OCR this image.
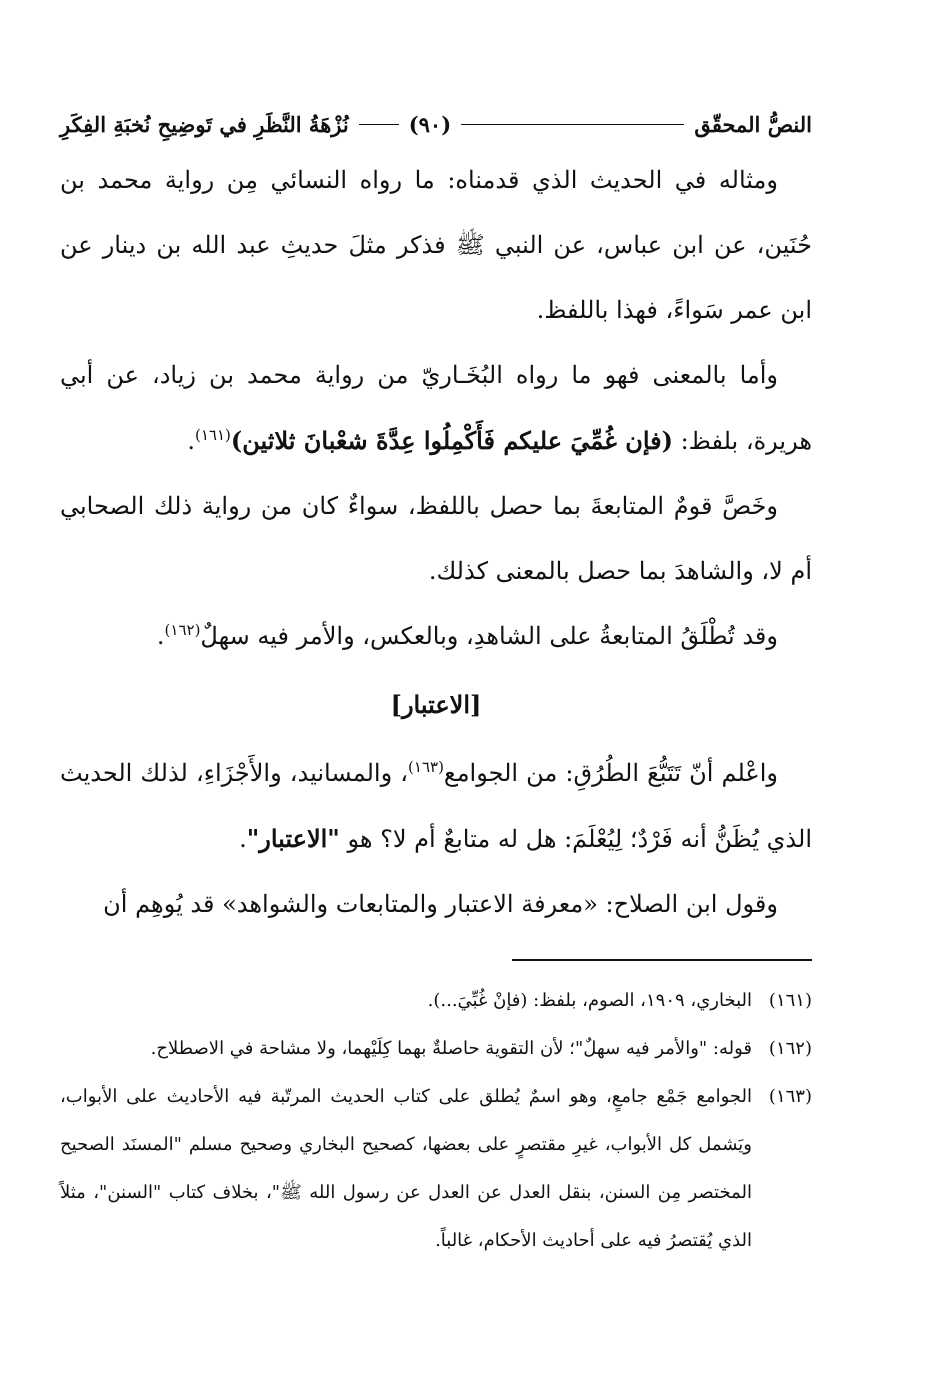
النصُّ المحقّق
(٩٠)
نُزْهَةُ النَّظَرِ في تَوضِيحِ نُخبَةِ الفِكَرِ

ومثاله في الحديث الذي قدمناه: ما رواه النسائي مِن رواية محمد بن حُنَين، عن ابن عباس، عن النبي ﷺ فذكر مثلَ حديثِ عبد الله بن دينار عن ابن عمر سَواءً، فهذا باللفظ.

وأما بالمعنى فهو ما رواه البُخَـاريّ من رواية محمد بن زياد، عن أبي هريرة، بلفظ: (فإن غُمِّيَ عليكم فَأَكْمِلُوا عِدَّةَ شعْبانَ ثلاثين)$^{(١٦١)}$.

وخَصَّ قومٌ المتابعةَ بما حصل باللفظ، سواءٌ كان من رواية ذلك الصحابي أم لا، والشاهدَ بما حصل بالمعنى كذلك.

وقد تُطْلَقُ المتابعةُ على الشاهدِ، وبالعكس، والأمر فيه سهلٌ$^{(١٦٢)}$.

[الاعتبار]

واعْلم أنّ تَتَبُّعَ الطُرُقِ: من الجوامع$^{(١٦٣)}$، والمسانيد، والأَجْزَاءِ، لذلك الحديث الذي يُظَنُّ أنه فَرْدٌ؛ لِيُعْلَمَ: هل له متابعٌ أم لا؟ هو "الاعتبار".

وقول ابن الصلاح: «معرفة الاعتبار والمتابعات والشواهد» قد يُوهِم أن

(١٦١)البخاري، ١٩٠٩، الصوم، بلفظ: (فإنْ غُبِّيَ...).

(١٦٢)قوله: "والأمر فيه سهلٌ"؛ لأن التقوية حاصلةٌ بهما كِلَيْهما، ولا مشاحة في الاصطلاح.

(١٦٣)الجوامع جَمْع جامعٍ، وهو اسمٌ يُطلق على كتاب الحديث المرتّبة فيه الأحاديث على الأبواب، ويَشمل كل الأبواب، غيرِ مقتصرٍ على بعضها، كصحيح البخاري وصحيح مسلم "المسنَد الصحيح المختصر مِن السنن، بنقل العدل عن العدل عن رسول الله ﷺ"، بخلاف كتاب "السنن"، مثلاً الذي يُقتصرُ فيه على أحاديث الأحكام، غالباً.
